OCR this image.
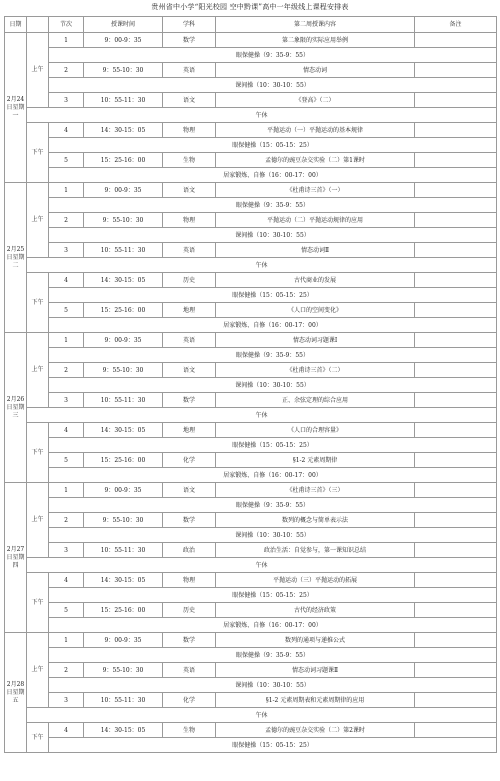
贵州省中小学“阳光校园 空中黔课”高中一年级线上课程安排表
日期		节次	授课时间	学科	第二周授课内容	备注
2月24日星期一	上午	1	9：00-9：35	数学	第二象限的实际应用举例	
		眼保健操（9：35-9：55）				
		2	9：55-10：30	英语	情态动词	
		课间操（10：30-10：55）				
		3	10：55-11：30	语文	《登高》（二）	
	午休					
	下午	4	14：30-15：05	物理	平抛运动（一）平抛运动的基本规律	
		眼保健操（15：05-15：25）				
		5	15：25-16：00	生物	孟德尔的豌豆杂交实验（二）第1课时	
		居家锻炼、自修（16：00-17：00）				
2月25日星期二	上午	1	9：00-9：35	语文	《杜甫诗三首》（一）	
		眼保健操（9：35-9：55）				
		2	9：55-10：30	物理	平抛运动（二）平抛运动规律的应用	
		课间操（10：30-10：55）				
		3	10：55-11：30	英语	情态动词Ⅱ	
	午休					
	下午	4	14：30-15：05	历史	古代商业的发展	
		眼保健操（15：05-15：25）				
		5	15：25-16：00	地理	《人口的空间变化》	
		居家锻炼、自修（16：00-17：00）				
2月26日星期三	上午	1	9：00-9：35	英语	情态动词习题课Ⅰ	
		眼保健操（9：35-9：55）				
		2	9：55-10：30	语文	《杜甫诗三首》（二）	
		课间操（10：30-10：55）				
		3	10：55-11：30	数学	正、余弦定理的综合应用	
	午休					
	下午	4	14：30-15：05	地理	《人口的合理容量》	
		眼保健操（15：05-15：25）				
		5	15：25-16：00	化学	§1-2 元素周期律	
		居家锻炼、自修（16：00-17：00）				
2月27日星期四	上午	1	9：00-9：35	语文	《杜甫诗三首》（三）	
		眼保健操（9：35-9：55）				
		2	9：55-10：30	数学	数列的概念与简单表示法	
		课间操（10：30-10：55）				
		3	10：55-11：30	政治	政治生活：自觉参与，第一课知识总结	
	午休					
	下午	4	14：30-15：05	物理	平抛运动（三）平抛运动的拓展	
		眼保健操（15：05-15：25）				
		5	15：25-16：00	历史	古代的经济政策	
		居家锻炼、自修（16：00-17：00）				
2月28日星期五	上午	1	9：00-9：35	数学	数列的通项与递推公式	
		眼保健操（9：35-9：55）				
		2	9：55-10：30	英语	情态动词习题课Ⅱ	
		课间操（10：30-10：55）				
		3	10：55-11：30	化学	§1-2 元素周期表和元素周期律的应用	
	午休					
	下午	4	14：30-15：05	生物	孟德尔的豌豆杂交实验（二）第2课时	
		眼保健操（15：05-15：25）				
